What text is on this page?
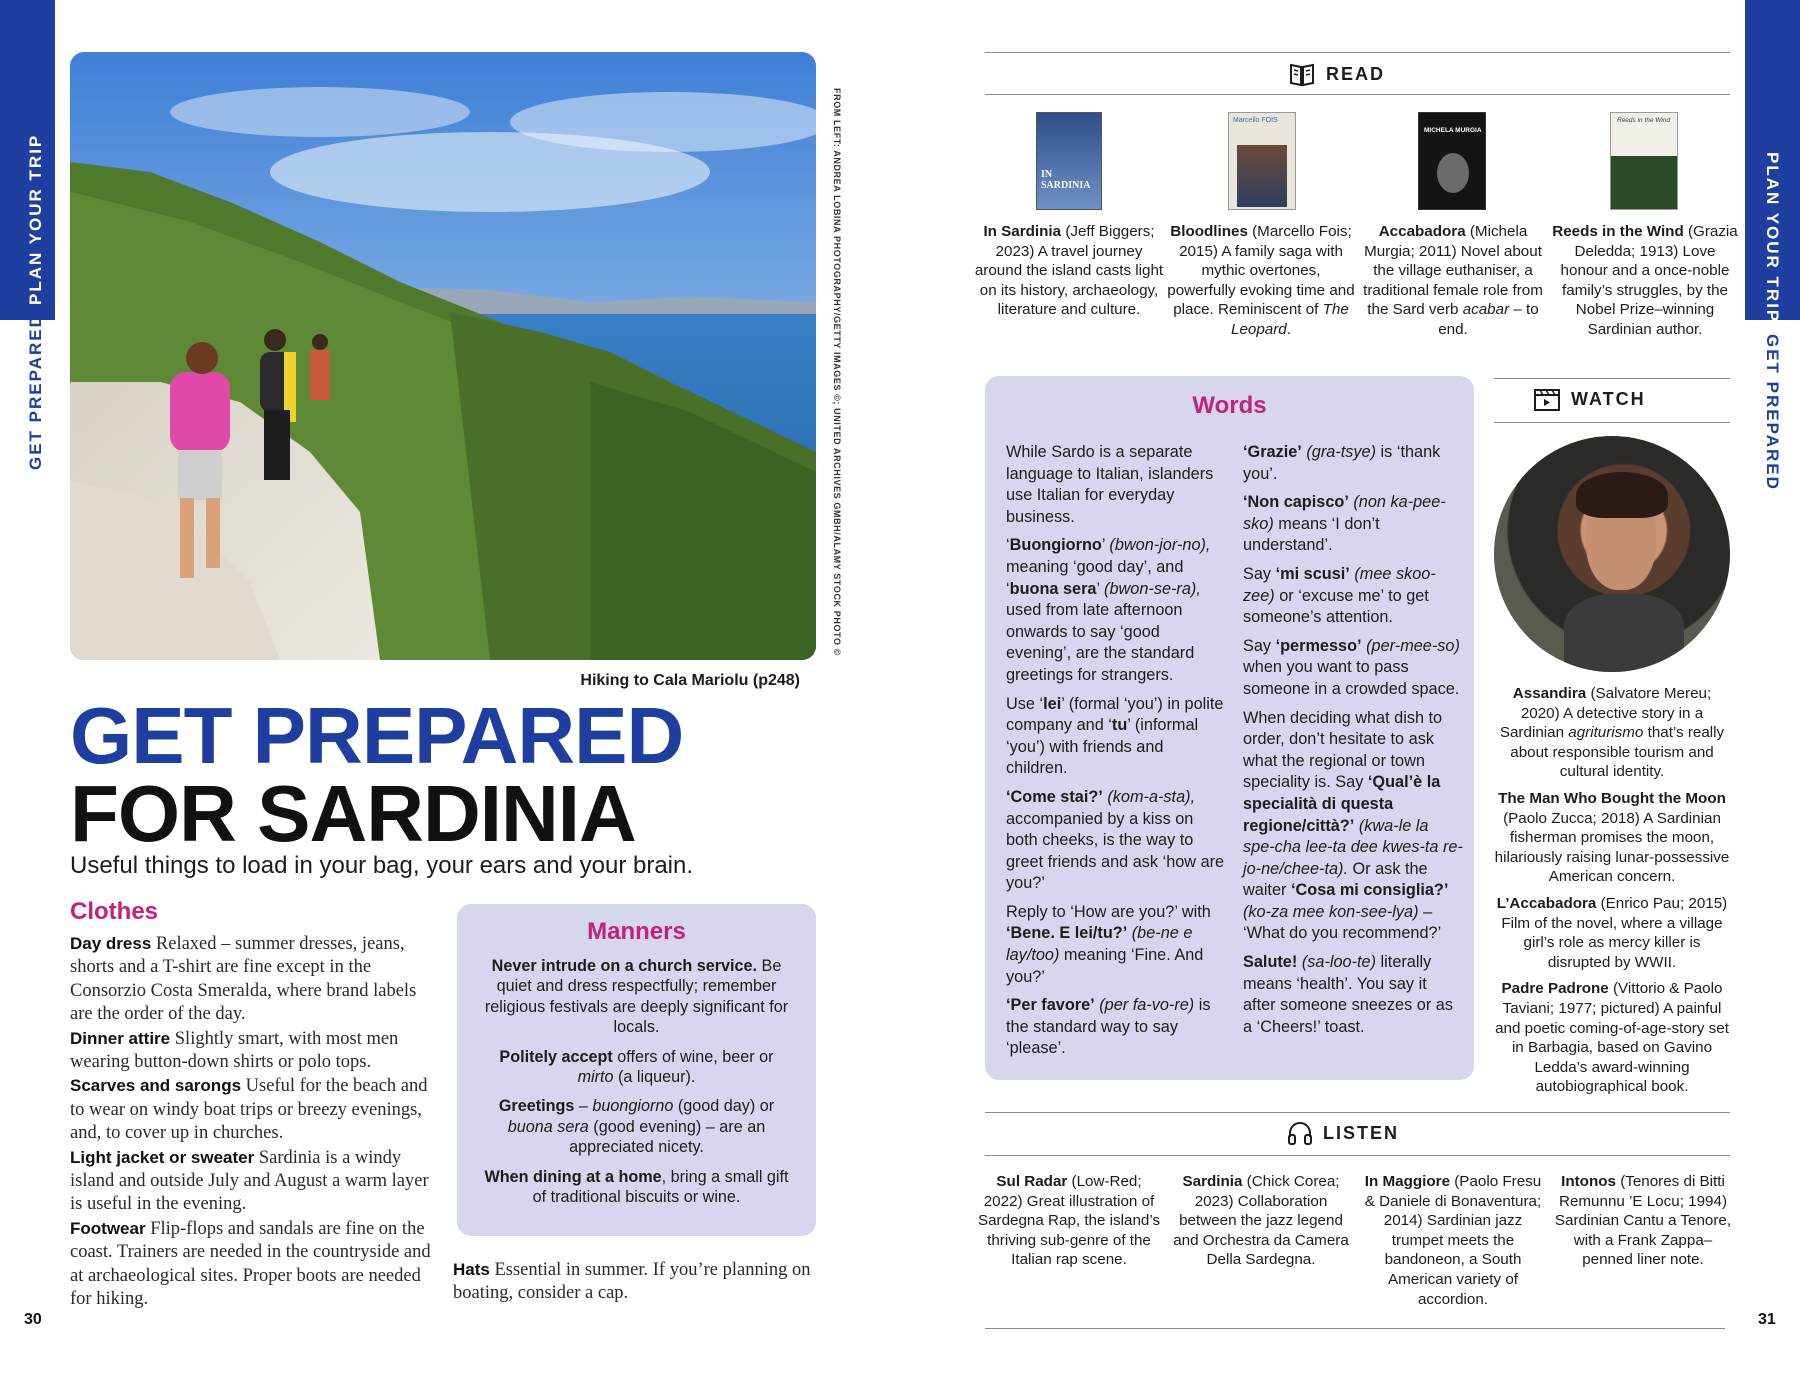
PLAN YOUR TRIP
GET PREPARED
PLAN YOUR TRIP
GET PREPARED
FROM LEFT: ANDREA LOBINA PHOTOGRAPHY/GETTY IMAGES ©; UNITED ARCHIVES GMBH/ALAMY STOCK PHOTO ©
Hiking to Cala Mariolu (p248)
GET PREPARED
FOR SARDINIA
Useful things to load in your bag, your ears and your brain.
Clothes

Day dress Relaxed – summer dresses, jeans, shorts and a T-shirt are fine except in the Consorzio Costa Smeralda, where brand labels are the order of the day.

Dinner attire Slightly smart, with most men wearing button-down shirts or polo tops.

Scarves and sarongs Useful for the beach and to wear on windy boat trips or breezy evenings, and, to cover up in churches.

Light jacket or sweater Sardinia is a windy island and outside July and August a warm layer is useful in the evening.

Footwear Flip-flops and sandals are fine on the coast. Trainers are needed in the countryside and at archaeological sites. Proper boots are needed for hiking.

Manners

Never intrude on a church service. Be quiet and dress respectfully; remember religious festivals are deeply significant for locals.

Politely accept offers of wine, beer or mirto (a liqueur).

Greetings – buongiorno (good day) or buona sera (good evening) – are an appreciated nicety.

When dining at a home, bring a small gift of traditional biscuits or wine.

Hats Essential in summer. If you’re planning on boating, consider a cap.
30	31
READ
IN SARDINIA
Marcello FOIS
MICHELA MURGIA
Reeds in the Wind
In Sardinia (Jeff Biggers; 2023) A travel journey around the island casts light on its history, archaeology, literature and culture.
Bloodlines (Marcello Fois; 2015) A family saga with mythic overtones, powerfully evoking time and place. Reminiscent of The Leopard.
Accabadora (Michela Murgia; 2011) Novel about the village euthaniser, a traditional female role from the Sard verb acabar – to end.
Reeds in the Wind (Grazia Deledda; 1913) Love honour and a once-noble family’s struggles, by the Nobel Prize–winning Sardinian author.
Words

While Sardo is a separate language to Italian, islanders use Italian for everyday business.

‘Buongiorno’ (bwon-jor-no), meaning ‘good day’, and ‘buona sera’ (bwon-se-ra), used from late afternoon onwards to say ‘good evening’, are the standard greetings for strangers.

Use ‘lei’ (formal ‘you’) in polite company and ‘tu’ (informal ‘you’) with friends and children.

‘Come stai?’ (kom-a-sta), accompanied by a kiss on both cheeks, is the way to greet friends and ask ‘how are you?’

Reply to ‘How are you?’ with ‘Bene. E lei/tu?’ (be-ne e lay/too) meaning ‘Fine. And you?’

‘Per favore’ (per fa-vo-re) is the standard way to say ‘please’.

‘Grazie’ (gra-tsye) is ‘thank you’.

‘Non capisco’ (non ka-pee-sko) means ‘I don’t understand’.

Say ‘mi scusi’ (mee skoo-zee) or ‘excuse me’ to get someone’s attention.

Say ‘permesso’ (per-mee-so) when you want to pass someone in a crowded space.

When deciding what dish to order, don’t hesitate to ask what the regional or town speciality is. Say ‘Qual’è la specialità di questa regione/città?’ (kwa-le la spe-cha lee-ta dee kwes-ta re-jo-ne/chee-ta). Or ask the waiter ‘Cosa mi consiglia?’ (ko-za mee kon-see-lya) – ‘What do you recommend?’

Salute! (sa-loo-te) literally means ‘health’. You say it after someone sneezes or as a ‘Cheers!’ toast.

WATCH
Assandira (Salvatore Mereu; 2020) A detective story in a Sardinian agriturismo that’s really about responsible tourism and cultural identity.
The Man Who Bought the Moon (Paolo Zucca; 2018) A Sardinian fisherman promises the moon, hilariously raising lunar-possessive American concern.
L’Accabadora (Enrico Pau; 2015) Film of the novel, where a village girl’s role as mercy killer is disrupted by WWII.
Padre Padrone (Vittorio & Paolo Taviani; 1977; pictured) A painful and poetic coming-of-age-story set in Barbagia, based on Gavino Ledda’s award-winning autobiographical book.
LISTEN
Sul Radar (Low-Red; 2022) Great illustration of Sardegna Rap, the island’s thriving sub-genre of the Italian rap scene.
Sardinia (Chick Corea; 2023) Collaboration between the jazz legend and Orchestra da Camera Della Sardegna.
In Maggiore (Paolo Fresu & Daniele di Bonaventura; 2014) Sardinian jazz trumpet meets the bandoneon, a South American variety of accordion.
Intonos (Tenores di Bitti Remunnu ’E Locu; 1994) Sardinian Cantu a Tenore, with a Frank Zappa–penned liner note.
